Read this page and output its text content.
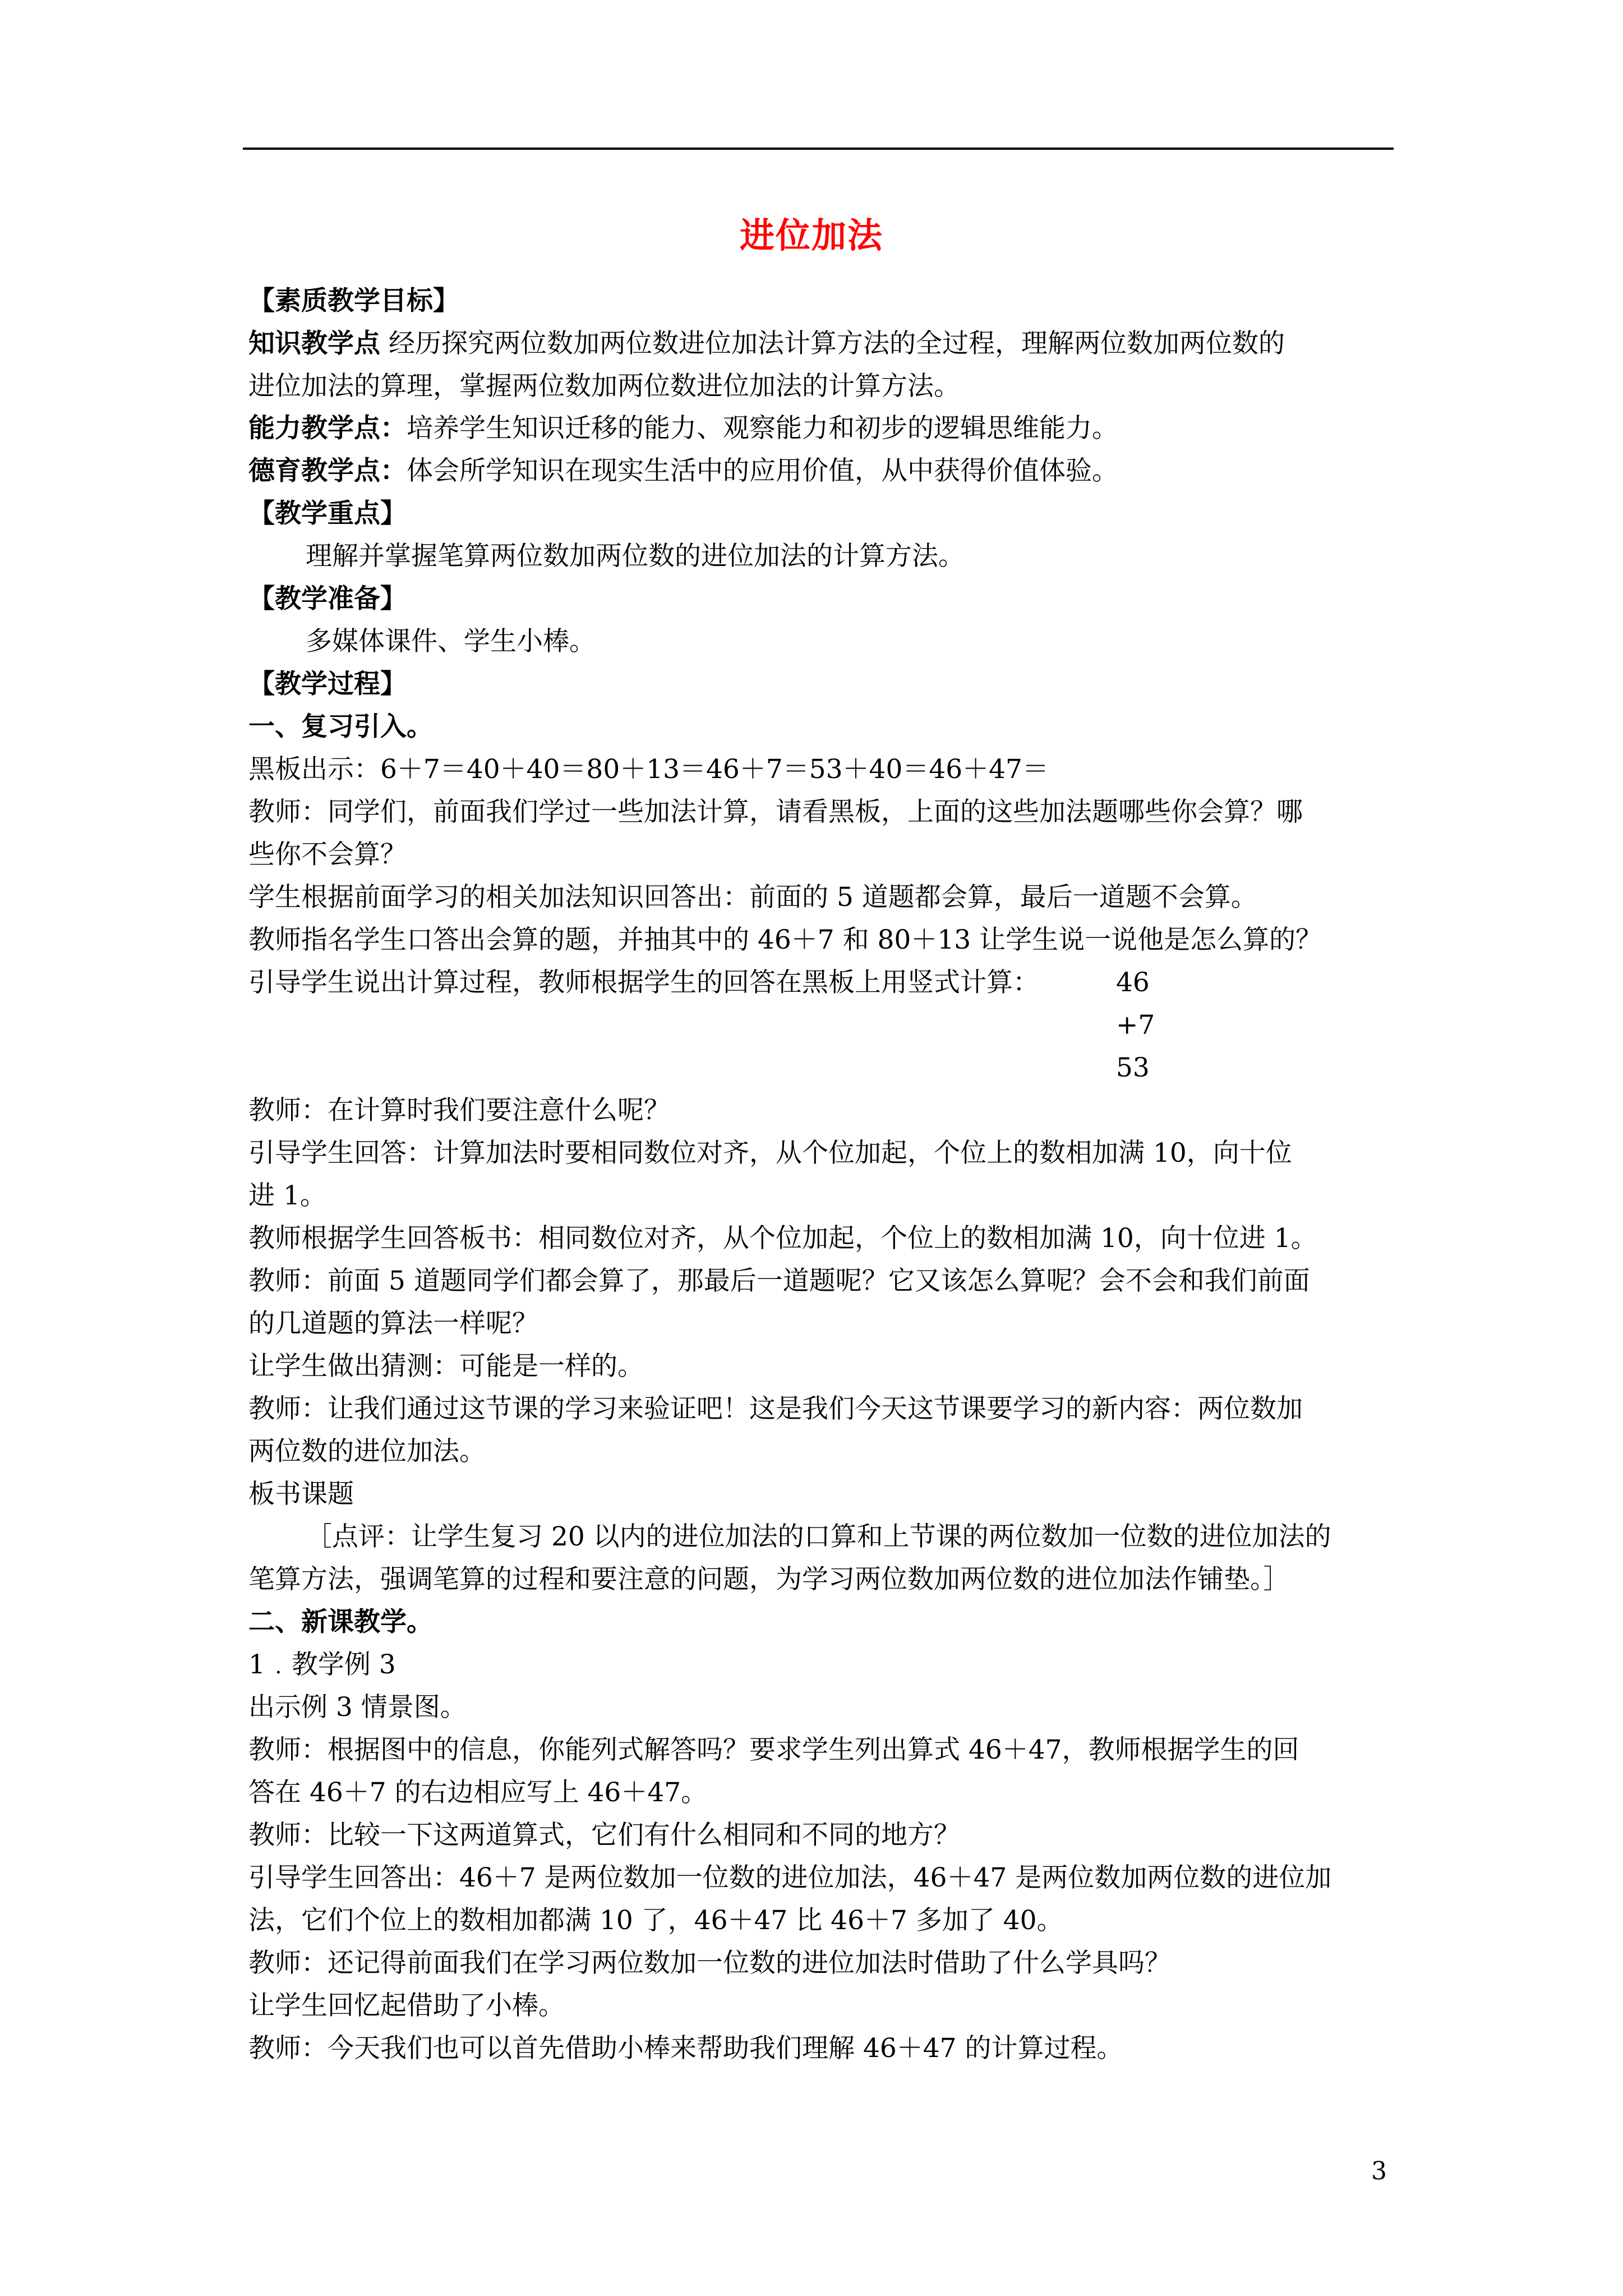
进位加法
【素质教学目标】
知识教学点 经历探究两位数加两位数进位加法计算方法的全过程，理解两位数加两位数的
进位加法的算理，掌握两位数加两位数进位加法的计算方法。
能力教学点：培养学生知识迁移的能力、观察能力和初步的逻辑思维能力。
德育教学点：体会所学知识在现实生活中的应用价值，从中获得价值体验。
【教学重点】
理解并掌握笔算两位数加两位数的进位加法的计算方法。
【教学准备】
多媒体课件、学生小棒。
【教学过程】
一、复习引入。
黑板出示：6＋7＝40＋40＝80＋13＝46＋7＝53＋40＝46＋47＝
教师：同学们，前面我们学过一些加法计算，请看黑板，上面的这些加法题哪些你会算？哪
些你不会算？
学生根据前面学习的相关加法知识回答出：前面的 5 道题都会算，最后一道题不会算。
教师指名学生口答出会算的题，并抽其中的 46＋7 和 80＋13 让学生说一说他是怎么算的？
引导学生说出计算过程，教师根据学生的回答在黑板上用竖式计算：	46
+7
53
教师：在计算时我们要注意什么呢？
引导学生回答：计算加法时要相同数位对齐，从个位加起，个位上的数相加满 10，向十位
进 1。
教师根据学生回答板书：相同数位对齐，从个位加起，个位上的数相加满 10，向十位进 1。
教师：前面 5 道题同学们都会算了，那最后一道题呢？它又该怎么算呢？会不会和我们前面
的几道题的算法一样呢？
让学生做出猜测：可能是一样的。
教师：让我们通过这节课的学习来验证吧！这是我们今天这节课要学习的新内容：两位数加
两位数的进位加法。
板书课题
［点评：让学生复习 20 以内的进位加法的口算和上节课的两位数加一位数的进位加法的
笔算方法，强调笔算的过程和要注意的问题，为学习两位数加两位数的进位加法作铺垫。］
二、新课教学。
1﹒教学例 3
出示例 3 情景图。
教师：根据图中的信息，你能列式解答吗？要求学生列出算式 46＋47，教师根据学生的回
答在 46＋7 的右边相应写上 46＋47。
教师：比较一下这两道算式，它们有什么相同和不同的地方？
引导学生回答出：46＋7 是两位数加一位数的进位加法，46＋47 是两位数加两位数的进位加
法，它们个位上的数相加都满 10 了，46＋47 比 46＋7 多加了 40。
教师：还记得前面我们在学习两位数加一位数的进位加法时借助了什么学具吗？
让学生回忆起借助了小棒。
教师：今天我们也可以首先借助小棒来帮助我们理解 46＋47 的计算过程。
3
